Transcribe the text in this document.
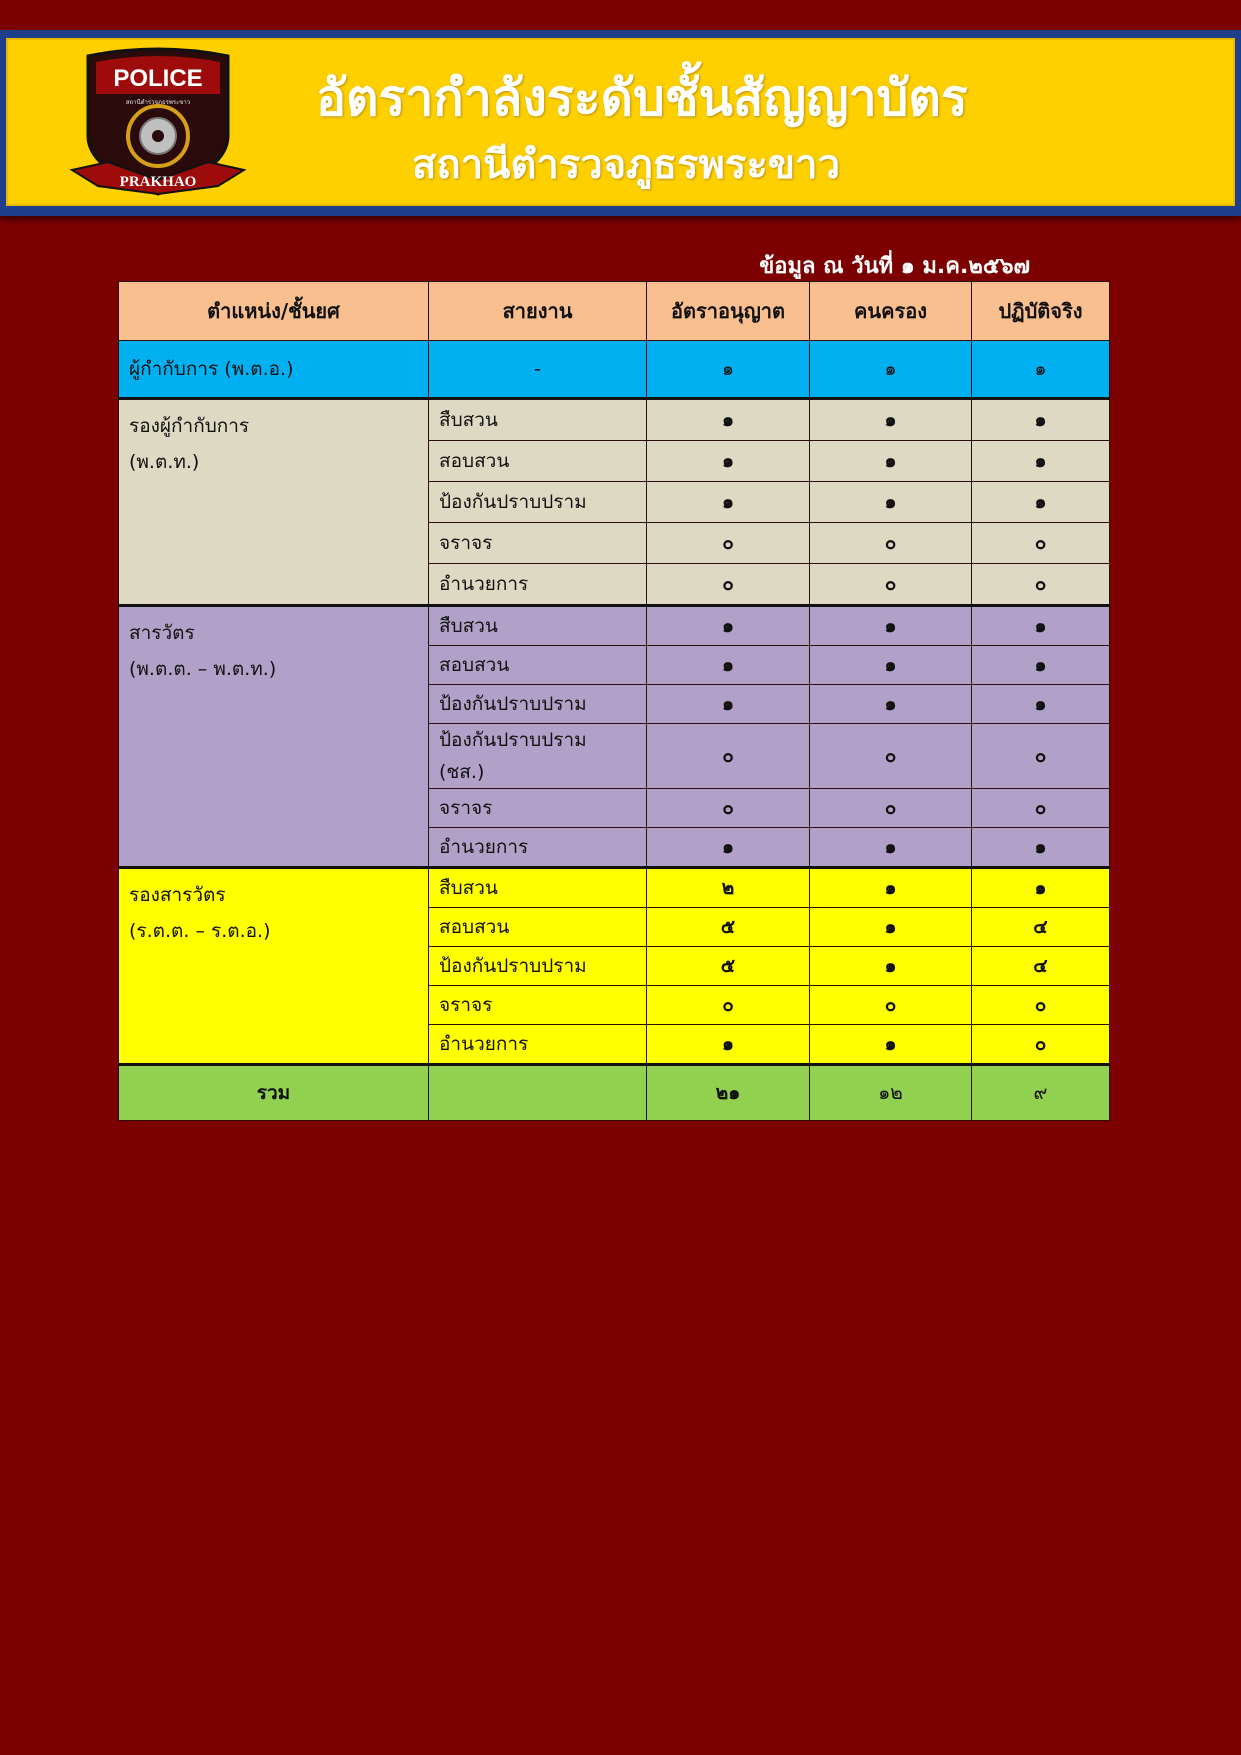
POLICE
สถานีตำรวจภูธรพระขาว
PRAKHAO
อัตรากำลังระดับชั้นสัญญาบัตร
สถานีตำรวจภูธรพระขาว
ข้อมูล ณ วันที่ ๑ ม.ค.๒๕๖๗
ตำแหน่ง/ชั้นยศ	สายงาน	อัตราอนุญาต	คนครอง	ปฏิบัติจริง
ผู้กำกับการ (พ.ต.อ.)	-	๑	๑	๑

รองผู้กำกับการ
(พ.ต.ท.)	สืบสวน	๑	๑	๑
	สอบสวน	๑	๑	๑
	ป้องกันปราบปราม	๑	๑	๑
	จราจร	๐	๐	๐
	อำนวยการ	๐	๐	๐

สารวัตร
(พ.ต.ต. – พ.ต.ท.)	สืบสวน	๑	๑	๑
	สอบสวน	๑	๑	๑
	ป้องกันปราบปราม	๑	๑	๑

	ป้องกันปราบปราม
(ชส.)	๐	๐	๐
	จราจร	๐	๐	๐
	อำนวยการ	๑	๑	๑

รองสารวัตร
(ร.ต.ต. – ร.ต.อ.)	สืบสวน	๒	๑	๑
	สอบสวน	๕	๑	๔
	ป้องกันปราบปราม	๕	๑	๔
	จราจร	๐	๐	๐
	อำนวยการ	๑	๑	๐
รวม		๒๑	๑๒	๙
